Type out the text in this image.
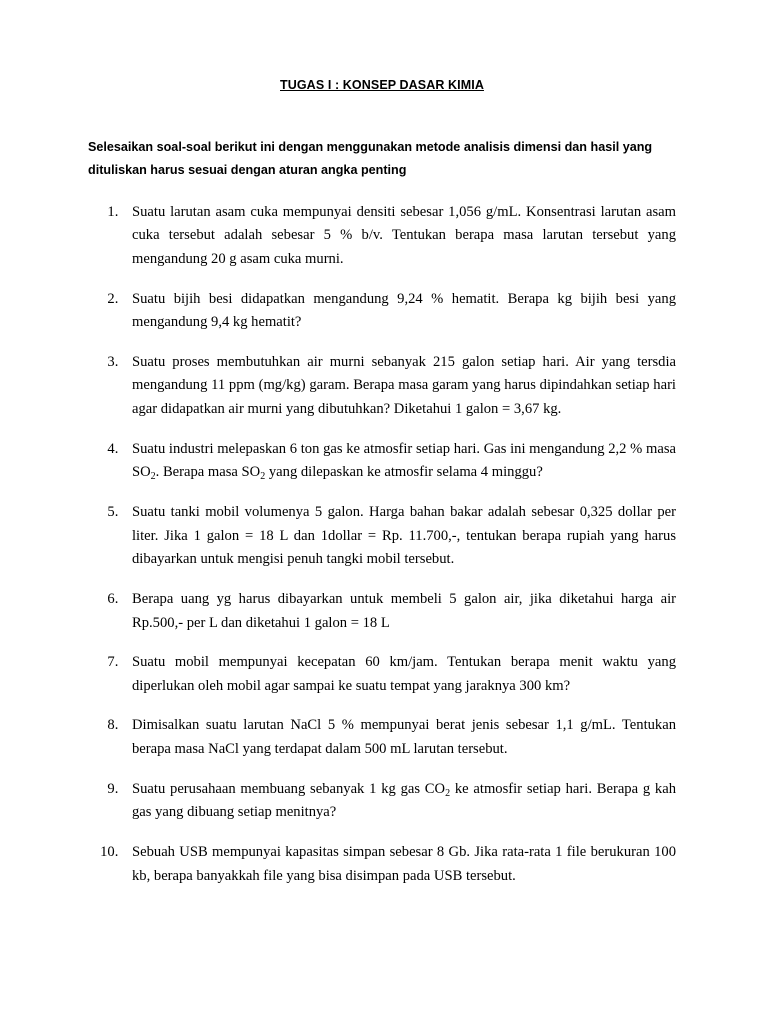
TUGAS I : KONSEP DASAR KIMIA

Selesaikan soal-soal berikut ini dengan menggunakan metode analisis dimensi dan hasil yang dituliskan harus sesuai dengan aturan angka penting

1. Suatu larutan asam cuka mempunyai densiti sebesar 1,056 g/mL. Konsentrasi larutan asam cuka tersebut adalah sebesar 5 % b/v. Tentukan berapa masa larutan tersebut yang mengandung 20 g asam cuka murni.
2. Suatu bijih besi didapatkan mengandung 9,24 % hematit. Berapa kg bijih besi yang mengandung 9,4 kg hematit?
3. Suatu proses membutuhkan air murni sebanyak 215 galon setiap hari. Air yang tersdia mengandung 11 ppm (mg/kg) garam. Berapa masa garam yang harus dipindahkan setiap hari agar didapatkan air murni yang dibutuhkan? Diketahui 1 galon = 3,67 kg.
4. Suatu industri melepaskan 6 ton gas ke atmosfir setiap hari. Gas ini mengandung 2,2 % masa $SO_2$. Berapa masa $SO_2$ yang dilepaskan ke atmosfir selama 4 minggu?
5. Suatu tanki mobil volumenya 5 galon. Harga bahan bakar adalah sebesar 0,325 dollar per liter. Jika 1 galon = 18 L dan 1dollar = Rp. 11.700,-, tentukan berapa rupiah yang harus dibayarkan untuk mengisi penuh tangki mobil tersebut.
6. Berapa uang yg harus dibayarkan untuk membeli 5 galon air, jika diketahui harga air Rp.500,- per L dan diketahui 1 galon = 18 L
7. Suatu mobil mempunyai kecepatan 60 km/jam. Tentukan berapa menit waktu yang diperlukan oleh mobil agar sampai ke suatu tempat yang jaraknya 300 km?
8. Dimisalkan suatu larutan NaCl 5 % mempunyai berat jenis sebesar 1,1 g/mL. Tentukan berapa masa NaCl yang terdapat dalam 500 mL larutan tersebut.
9. Suatu perusahaan membuang sebanyak 1 kg gas $CO_2$ ke atmosfir setiap hari. Berapa g kah gas yang dibuang setiap menitnya?
10. Sebuah USB mempunyai kapasitas simpan sebesar 8 Gb. Jika rata-rata 1 file berukuran 100 kb, berapa banyakkah file yang bisa disimpan pada USB tersebut.
